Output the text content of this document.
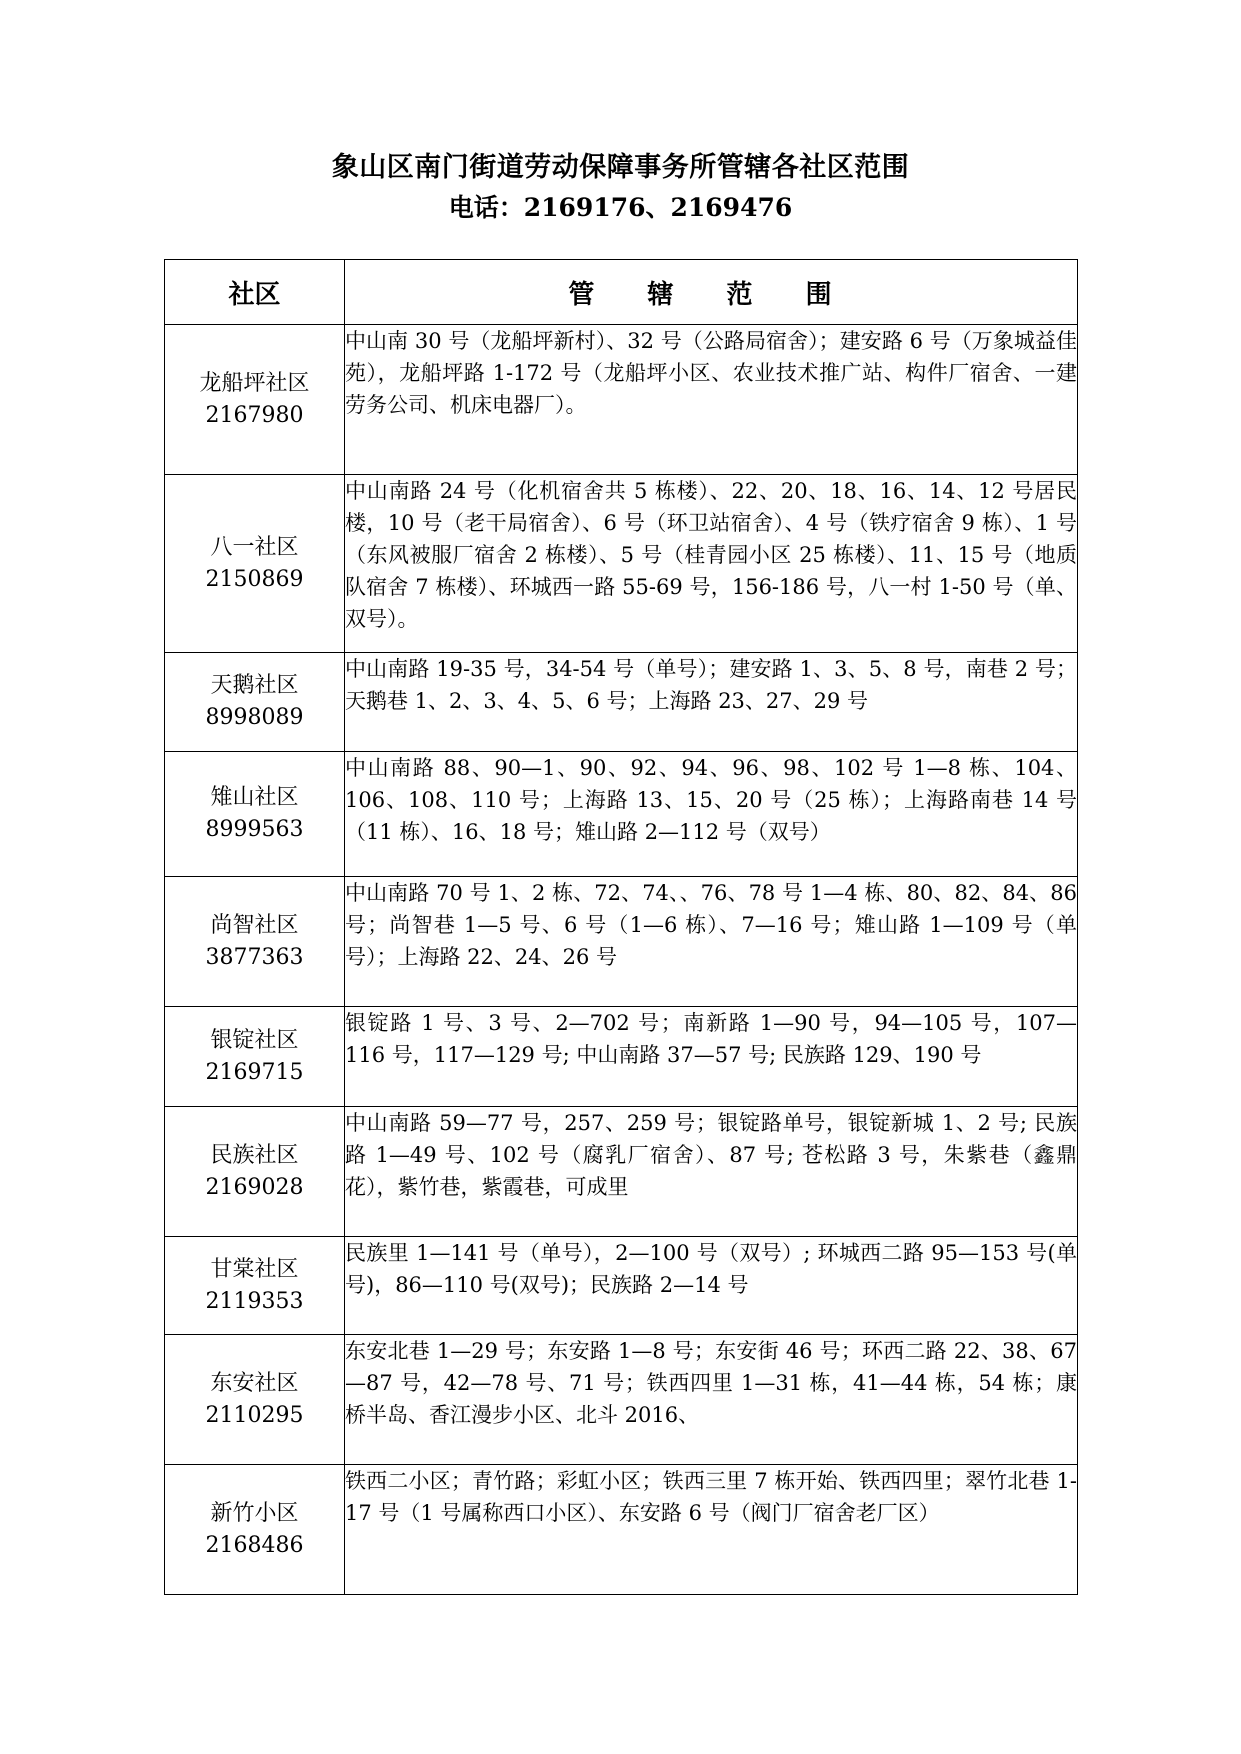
象山区南门街道劳动保障事务所管辖各社区范围
电话：2169176、2169476
社区	管 辖 范 围

龙船坪社区
2167980	中山南 30 号（龙船坪新村）、32 号（公路局宿舍）；建安路 6 号（万象城益佳苑），龙船坪路 1-172 号（龙船坪小区、农业技术推广站、构件厂宿舍、一建劳务公司、机床电器厂）。

八一社区
2150869	中山南路 24 号（化机宿舍共 5 栋楼）、22、20、18、16、14、12 号居民楼，10 号（老干局宿舍）、6 号（环卫站宿舍）、4 号（铁疗宿舍 9 栋）、1 号（东风被服厂宿舍 2 栋楼）、5 号（桂青园小区 25 栋楼）、11、15 号（地质队宿舍 7 栋楼）、环城西一路 55-69 号，156-186 号，八一村 1-50 号（单、双号）。

天鹅社区
8998089	中山南路 19-35 号，34-54 号（单号）；建安路 1、3、5、8 号，南巷 2 号；天鹅巷 1、2、3、4、5、6 号；上海路 23、27、29 号

雉山社区
8999563	中山南路 88、90—1、90、92、94、96、98、102 号 1—8 栋、104、106、108、110 号；上海路 13、15、20 号（25 栋）；上海路南巷 14 号（11 栋）、16、18 号；雉山路 2—112 号（双号）

尚智社区
3877363	中山南路 70 号 1、2 栋、72、74、、76、78 号 1—4 栋、80、82、84、86 号；尚智巷 1—5 号、6 号（1—6 栋）、7—16 号；雉山路 1—109 号（单号）；上海路 22、24、26 号

银锭社区
2169715	银锭路 1 号、3 号、2—702 号；南新路 1—90 号，94—105 号，107—116 号，117—129 号; 中山南路 37—57 号; 民族路 129、190 号

民族社区
2169028	中山南路 59—77 号，257、259 号；银锭路单号，银锭新城 1、2 号; 民族路 1—49 号、102 号（腐乳厂宿舍）、87 号; 苍松路 3 号，朱紫巷（鑫鼎花），紫竹巷，紫霞巷，可成里

甘棠社区
2119353	民族里 1—141 号（单号），2—100 号（双号）; 环城西二路 95—153 号(单号)，86—110 号(双号)；民族路 2—14 号

东安社区
2110295	东安北巷 1—29 号；东安路 1—8 号；东安街 46 号；环西二路 22、38、67—87 号，42—78 号、71 号；铁西四里 1—31 栋，41—44 栋，54 栋；康桥半岛、香江漫步小区、北斗 2016、

新竹小区
2168486	铁西二小区；青竹路；彩虹小区；铁西三里 7 栋开始、铁西四里；翠竹北巷 1-17 号（1 号属称西口小区）、东安路 6 号（阀门厂宿舍老厂区）
